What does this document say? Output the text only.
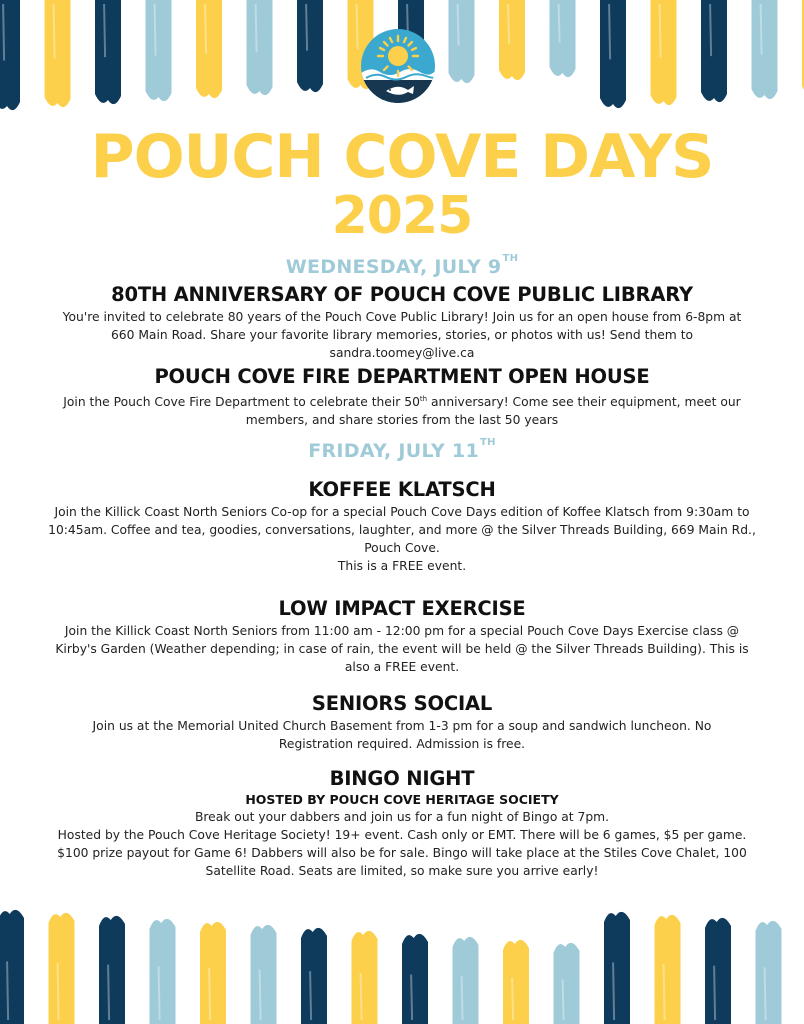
POUCH COVE DAYS
2025

WEDNESDAY, JULY 9TH

80TH ANNIVERSARY OF POUCH COVE PUBLIC LIBRARY

You're invited to celebrate 80 years of the Pouch Cove Public Library! Join us for an open house from 6-8pm at

660 Main Road. Share your favorite library memories, stories, or photos with us! Send them to

sandra.toomey@live.ca

POUCH COVE FIRE DEPARTMENT OPEN HOUSE

Join the Pouch Cove Fire Department to celebrate their 50th anniversary! Come see their equipment, meet our

members, and share stories from the last 50 years

FRIDAY, JULY 11TH

KOFFEE KLATSCH

Join the Killick Coast North Seniors Co-op for a special Pouch Cove Days edition of Koffee Klatsch from 9:30am to

10:45am. Coffee and tea, goodies, conversations, laughter, and more @ the Silver Threads Building, 669 Main Rd.,

Pouch Cove.

This is a FREE event.

LOW IMPACT EXERCISE

Join the Killick Coast North Seniors from 11:00 am - 12:00 pm for a special Pouch Cove Days Exercise class @

Kirby's Garden (Weather depending; in case of rain, the event will be held @ the Silver Threads Building). This is

also a FREE event.

SENIORS SOCIAL

Join us at the Memorial United Church Basement from 1-3 pm for a soup and sandwich luncheon. No

Registration required. Admission is free.

BINGO NIGHT

HOSTED BY POUCH COVE HERITAGE SOCIETY

Break out your dabbers and join us for a fun night of Bingo at 7pm.

Hosted by the Pouch Cove Heritage Society! 19+ event. Cash only or EMT. There will be 6 games, $5 per game.

$100 prize payout for Game 6! Dabbers will also be for sale. Bingo will take place at the Stiles Cove Chalet, 100

Satellite Road. Seats are limited, so make sure you arrive early!
